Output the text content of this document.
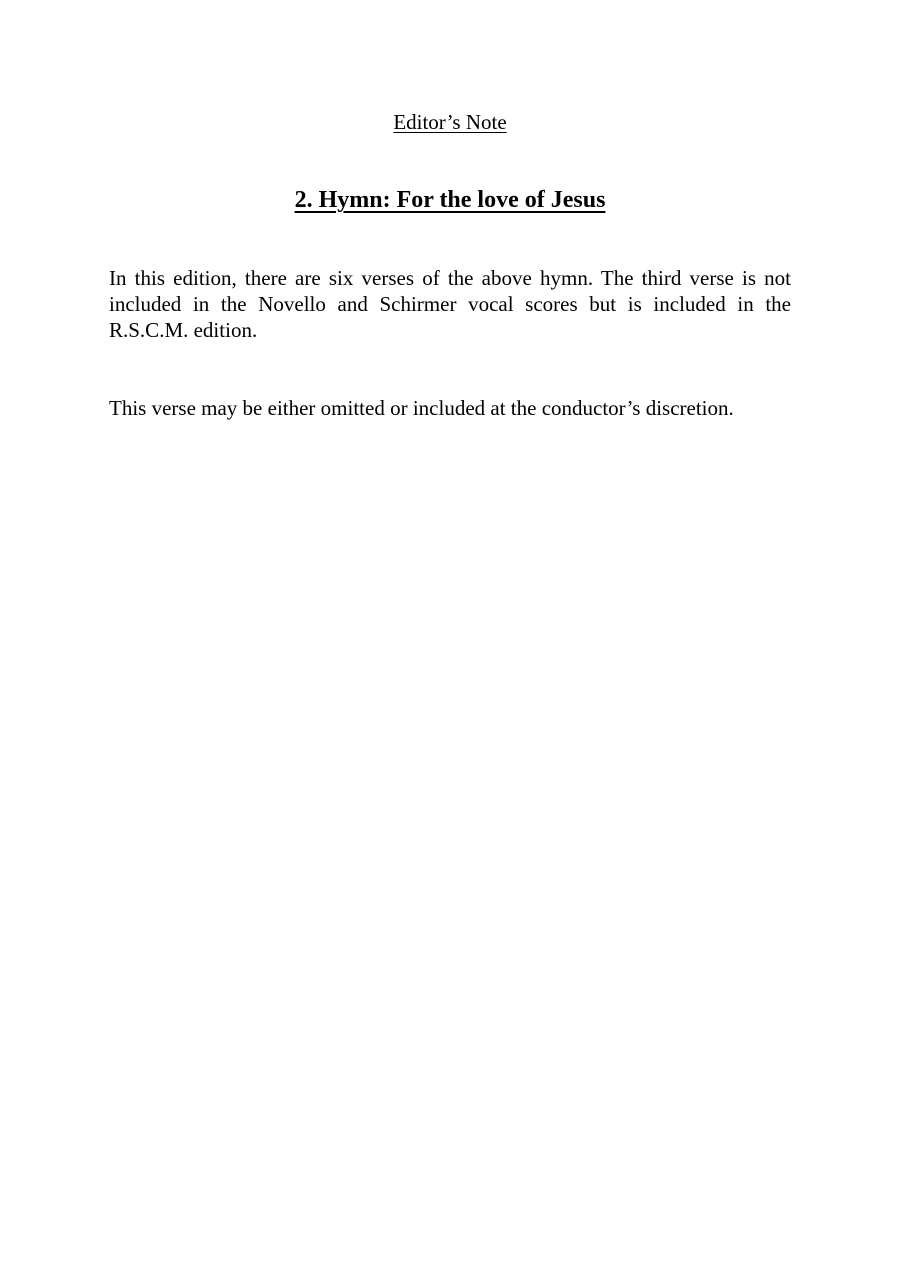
Editor’s Note
2. Hymn: For the love of Jesus

In this edition, there are six verses of the above hymn. The third verse is not included in the Novello and Schirmer vocal scores but is included in the R.S.C.M. edition.

This verse may be either omitted or included at the conductor’s discretion.
